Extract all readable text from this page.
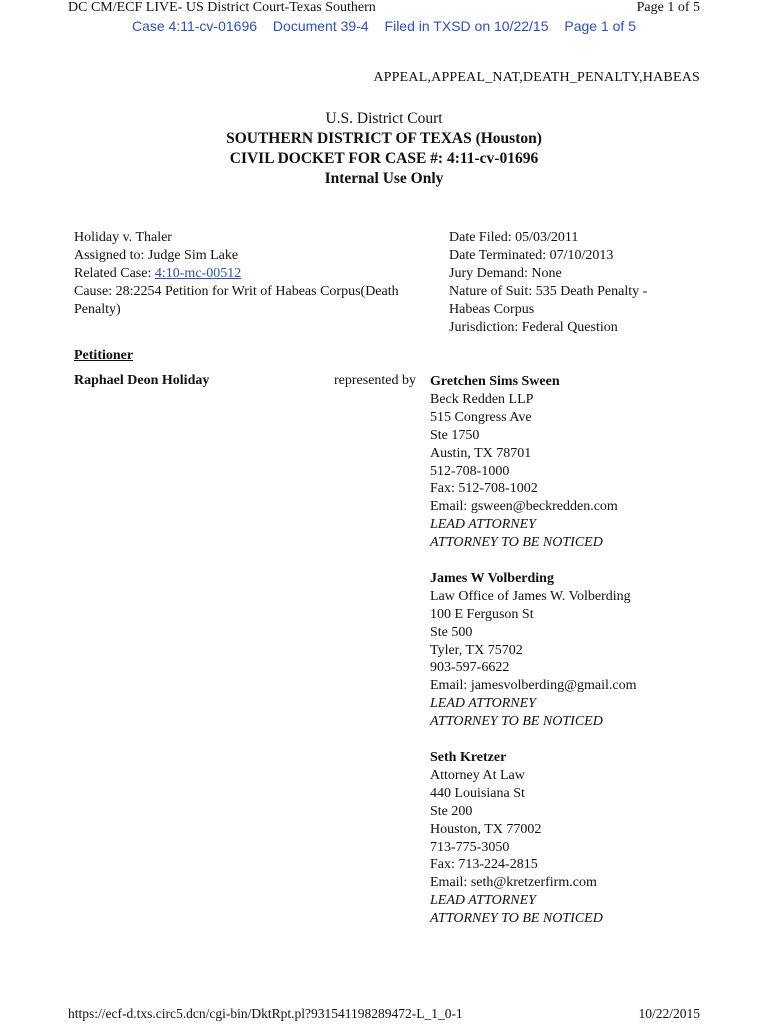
DC CM/ECF LIVE- US District Court-Texas Southern	Page 1 of 5
Case 4:11-cv-01696 Document 39-4 Filed in TXSD on 10/22/15 Page 1 of 5
APPEAL,APPEAL_NAT,DEATH_PENALTY,HABEAS
U.S. District Court
SOUTHERN DISTRICT OF TEXAS (Houston)
CIVIL DOCKET FOR CASE #: 4:11-cv-01696
Internal Use Only
Holiday v. Thaler
Assigned to: Judge Sim Lake
Related Case: 4:10-mc-00512
Cause: 28:2254 Petition for Writ of Habeas Corpus(Death Penalty)
Date Filed: 05/03/2011
Date Terminated: 07/10/2013
Jury Demand: None
Nature of Suit: 535 Death Penalty - Habeas Corpus
Jurisdiction: Federal Question
Petitioner
Raphael Deon Holiday	represented by Gretchen Sims Sween
Beck Redden LLP
515 Congress Ave
Ste 1750
Austin, TX 78701
512-708-1000
Fax: 512-708-1002
Email: gsween@beckredden.com
LEAD ATTORNEY
ATTORNEY TO BE NOTICED
James W Volberding
Law Office of James W. Volberding
100 E Ferguson St
Ste 500
Tyler, TX 75702
903-597-6622
Email: jamesvolberding@gmail.com
LEAD ATTORNEY
ATTORNEY TO BE NOTICED
Seth Kretzer
Attorney At Law
440 Louisiana St
Ste 200
Houston, TX 77002
713-775-3050
Fax: 713-224-2815
Email: seth@kretzerfirm.com
LEAD ATTORNEY
ATTORNEY TO BE NOTICED
https://ecf-d.txs.circ5.dcn/cgi-bin/DktRpt.pl?931541198289472-L_1_0-1	10/22/2015
